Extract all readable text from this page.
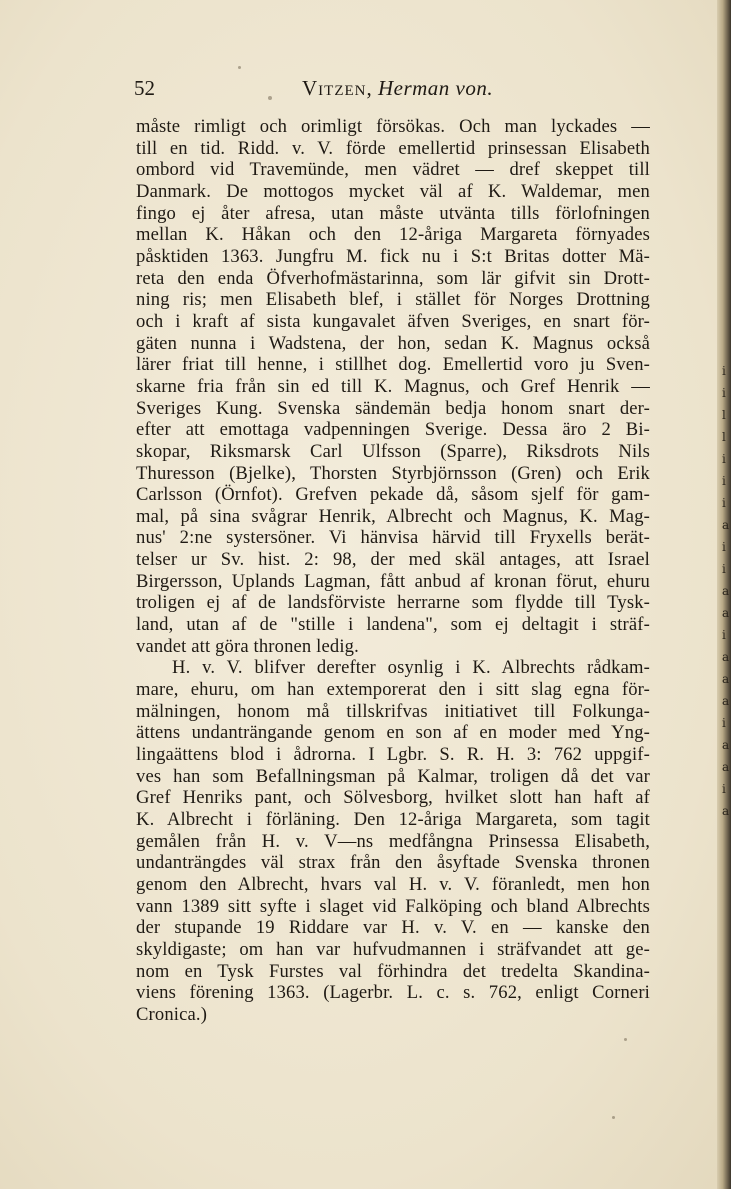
i
i
l
l
i
i
i
a
i
i
a
a
i
a
a
a
i
a
a
i
a
52	Vitzen, Herman von.
måste rimligt och orimligt försökas. Och man lyckades —
till en tid. Ridd. v. V. förde emellertid prinsessan Elisabeth
ombord vid Travemünde, men vädret — dref skeppet till
Danmark. De mottogos mycket väl af K. Waldemar, men
fingo ej åter afresa, utan måste utvänta tills förlofningen
mellan K. Håkan och den 12-åriga Margareta förnyades
påsktiden 1363. Jungfru M. fick nu i S:t Britas dotter Mä-
reta den enda Öfverhofmästarinna, som lär gifvit sin Drott-
ning ris; men Elisabeth blef, i stället för Norges Drottning
och i kraft af sista kungavalet äfven Sveriges, en snart för-
gäten nunna i Wadstena, der hon, sedan K. Magnus också
lärer friat till henne, i stillhet dog. Emellertid voro ju Sven-
skarne fria från sin ed till K. Magnus, och Gref Henrik —
Sveriges Kung. Svenska sändemän bedja honom snart der-
efter att emottaga vadpenningen Sverige. Dessa äro 2 Bi-
skopar, Riksmarsk Carl Ulfsson (Sparre), Riksdrots Nils
Thuresson (Bjelke), Thorsten Styrbjörnsson (Gren) och Erik
Carlsson (Örnfot). Grefven pekade då, såsom sjelf för gam-
mal, på sina svågrar Henrik, Albrecht och Magnus, K. Mag-
nus' 2:ne systersöner. Vi hänvisa härvid till Fryxells berät-
telser ur Sv. hist. 2: 98, der med skäl antages, att Israel
Birgersson, Uplands Lagman, fått anbud af kronan förut, ehuru
troligen ej af de landsförviste herrarne som flydde till Tysk-
land, utan af de "stille i landena", som ej deltagit i sträf-
vandet att göra thronen ledig.
H. v. V. blifver derefter osynlig i K. Albrechts rådkam-
mare, ehuru, om han extemporerat den i sitt slag egna för-
mälningen, honom må tillskrifvas initiativet till Folkunga-
ättens undanträngande genom en son af en moder med Yng-
lingaättens blod i ådrorna. I Lgbr. S. R. H. 3: 762 uppgif-
ves han som Befallningsman på Kalmar, troligen då det var
Gref Henriks pant, och Sölvesborg, hvilket slott han haft af
K. Albrecht i förläning. Den 12-åriga Margareta, som tagit
gemålen från H. v. V—ns medfångna Prinsessa Elisabeth,
undanträngdes väl strax från den åsyftade Svenska thronen
genom den Albrecht, hvars val H. v. V. föranledt, men hon
vann 1389 sitt syfte i slaget vid Falköping och bland Albrechts
der stupande 19 Riddare var H. v. V. en — kanske den
skyldigaste; om han var hufvudmannen i sträfvandet att ge-
nom en Tysk Furstes val förhindra det tredelta Skandina-
viens förening 1363. (Lagerbr. L. c. s. 762, enligt Corneri
Cronica.)
